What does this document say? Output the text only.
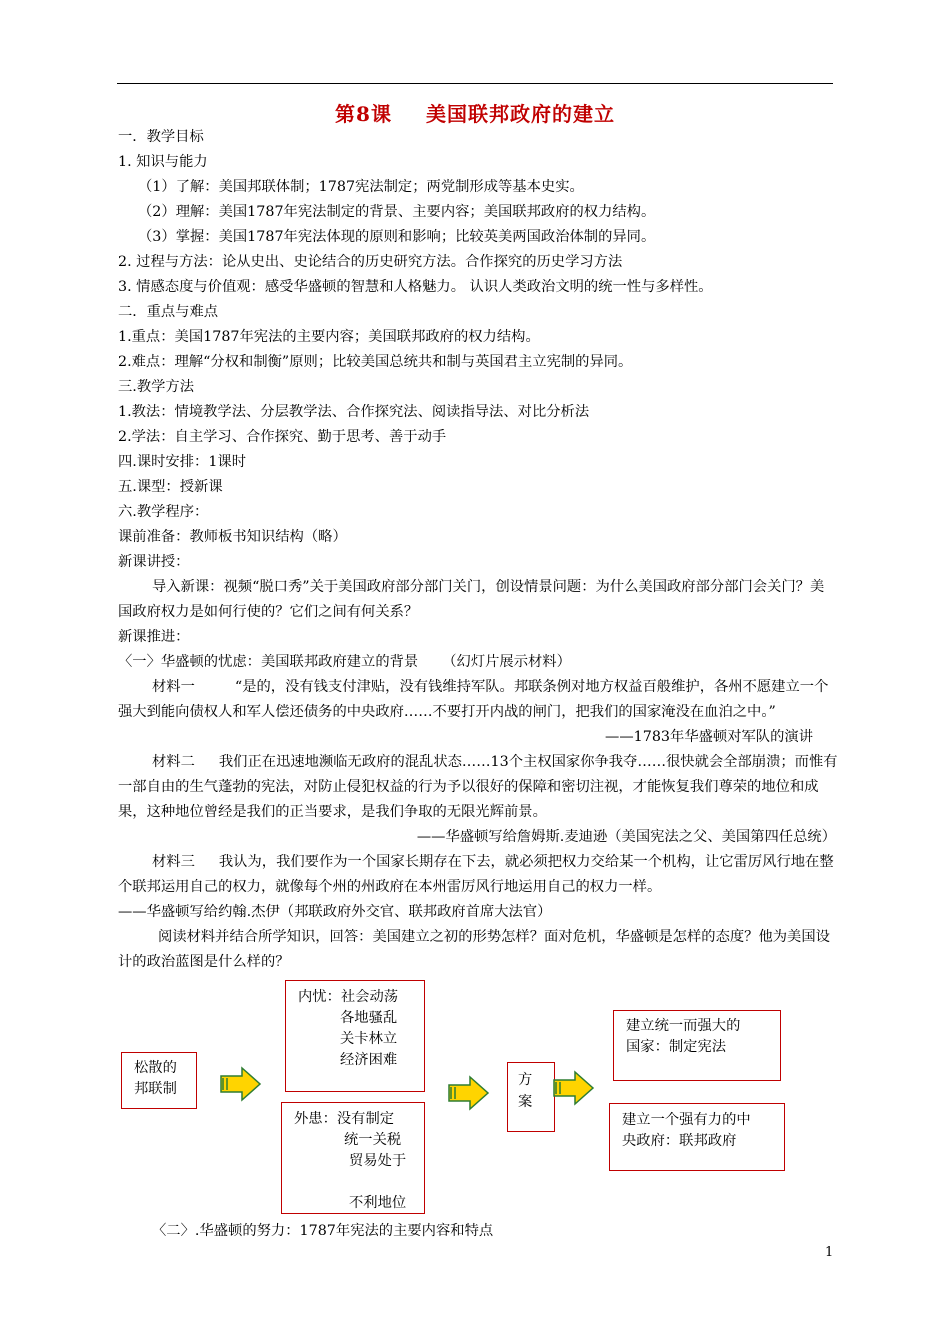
第8课 美国联邦政府的建立

一．教学目标

1. 知识与能力

（1）了解：美国邦联体制；1787宪法制定；两党制形成等基本史实。

（2）理解：美国1787年宪法制定的背景、主要内容；美国联邦政府的权力结构。

（3）掌握：美国1787年宪法体现的原则和影响；比较英美两国政治体制的异同。

2. 过程与方法：论从史出、史论结合的历史研究方法。合作探究的历史学习方法

3. 情感态度与价值观：感受华盛顿的智慧和人格魅力。 认识人类政治文明的统一性与多样性。

二．重点与难点

1.重点：美国1787年宪法的主要内容；美国联邦政府的权力结构。

2.难点：理解“分权和制衡”原则；比较美国总统共和制与英国君主立宪制的异同。

三.教学方法

1.教法：情境教学法、分层教学法、合作探究法、阅读指导法、对比分析法

2.学法：自主学习、合作探究、勤于思考、善于动手

四.课时安排：1课时

五.课型：授新课

六.教学程序：

课前准备：教师板书知识结构（略）

新课讲授：

导入新课：视频“脱口秀”关于美国政府部分部门关门，创设情景问题：为什么美国政府部分部门会关门？美国政府权力是如何行使的？它们之间有何关系？

新课推进：

〈一〉华盛顿的忧虑：美国联邦政府建立的背景 （幻灯片展示材料）

材料一	“是的，没有钱支付津贴，没有钱维持军队。邦联条例对地方权益百般维护，各州不愿建立一个强大到能向债权人和军人偿还债务的中央政府……不要打开内战的闸门，把我们的国家淹没在血泊之中。”

——1783年华盛顿对军队的演讲

材料二 我们正在迅速地濒临无政府的混乱状态……13个主权国家你争我夺……很快就会全部崩溃；而惟有一部自由的生气蓬勃的宪法，对防止侵犯权益的行为予以很好的保障和密切注视，才能恢复我们尊荣的地位和成果，这种地位曾经是我们的正当要求，是我们争取的无限光辉前景。

——华盛顿写给詹姆斯.麦迪逊（美国宪法之父、美国第四任总统）

材料三 我认为，我们要作为一个国家长期存在下去，就必须把权力交给某一个机构，让它雷厉风行地在整个联邦运用自己的权力，就像每个州的州政府在本州雷厉风行地运用自己的权力一样。

——华盛顿写给约翰.杰伊（邦联政府外交官、联邦政府首席大法官）

阅读材料并结合所学知识，回答：美国建立之初的形势怎样？面对危机，华盛顿是怎样的态度？他为美国设计的政治蓝图是什么样的？

松散的
邦联制
内忧：社会动荡
各地骚乱
关卡林立
经济困难
外患：没有制定
统一关税
贸易处于
不利地位
方
案
建立统一而强大的
国家：制定宪法
建立一个强有力的中
央政府：联邦政府
〈二〉.华盛顿的努力：1787年宪法的主要内容和特点
1
